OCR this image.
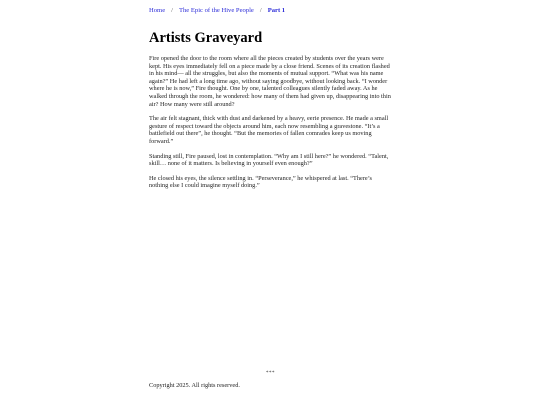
Home / The Epic of the Hive People / Part 1
Artists Graveyard

Fire opened the door to the room where all the pieces created by students over the years were kept. His eyes immediately fell on a piece made by a close friend. Scenes of its creation flashed in his mind— all the struggles, but also the moments of mutual support. “What was his name again?” He had left a long time ago, without saying goodbye, without looking back. “I wonder where he is now,” Fire thought. One by one, talented colleagues silently faded away. As he walked through the room, he wondered: how many of them had given up, disappearing into thin air? How many were still around?

The air felt stagnant, thick with dust and darkened by a heavy, eerie presence. He made a small gesture of respect toward the objects around him, each now resembling a gravestone. “It’s a battlefield out there”, he thought. “But the memories of fallen comrades keep us moving forward.”

Standing still, Fire paused, lost in contemplation. “Why am I still here?” he wondered. “Talent, skill… none of it matters. Is believing in yourself even enough?”

He closed his eyes, the silence settling in. “Perseverance,” he whispered at last. “There’s nothing else I could imagine myself doing.”

***
Copyright 2025. All rights reserved.
